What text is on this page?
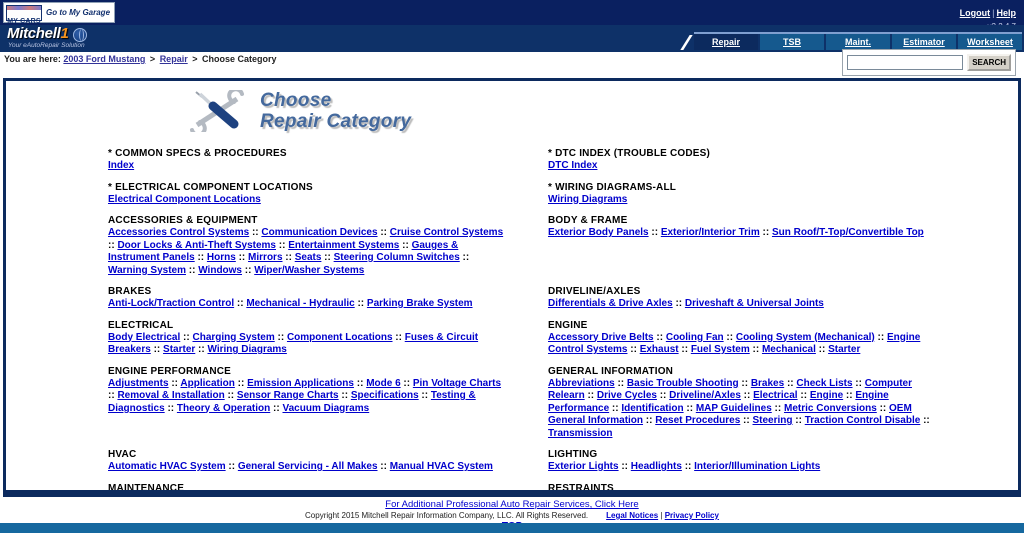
MY CARS
Go to My Garage	Logout | Help
Mitchell1
Your eAutoRepair Solution	Repair	TSB	Maint.	Estimator	Worksheet
You are here: 2003 Ford Mustang > Repair > Choose Category	SEARCH
Choose
Repair Category
* COMMON SPECS & PROCEDURES
Index

* DTC INDEX (TROUBLE CODES)
DTC Index

* ELECTRICAL COMPONENT LOCATIONS
Electrical Component Locations

* WIRING DIAGRAMS-ALL
Wiring Diagrams

ACCESSORIES & EQUIPMENT
Accessories Control Systems :: Communication Devices :: Cruise Control Systems :: Door Locks & Anti-Theft Systems :: Entertainment Systems :: Gauges & Instrument Panels :: Horns :: Mirrors :: Seats :: Steering Column Switches :: Warning System :: Windows :: Wiper/Washer Systems

BODY & FRAME
Exterior Body Panels :: Exterior/Interior Trim :: Sun Roof/T-Top/Convertible Top

BRAKES
Anti-Lock/Traction Control :: Mechanical - Hydraulic :: Parking Brake System

DRIVELINE/AXLES
Differentials & Drive Axles :: Driveshaft & Universal Joints

ELECTRICAL
Body Electrical :: Charging System :: Component Locations :: Fuses & Circuit Breakers :: Starter :: Wiring Diagrams

ENGINE
Accessory Drive Belts :: Cooling Fan :: Cooling System (Mechanical) :: Engine Control Systems :: Exhaust :: Fuel System :: Mechanical :: Starter

ENGINE PERFORMANCE
Adjustments :: Application :: Emission Applications :: Mode 6 :: Pin Voltage Charts :: Removal & Installation :: Sensor Range Charts :: Specifications :: Testing & Diagnostics :: Theory & Operation :: Vacuum Diagrams

GENERAL INFORMATION
Abbreviations :: Basic Trouble Shooting :: Brakes :: Check Lists :: Computer Relearn :: Drive Cycles :: Driveline/Axles :: Electrical :: Engine :: Engine Performance :: Identification :: MAP Guidelines :: Metric Conversions :: OEM General Information :: Reset Procedures :: Steering :: Traction Control Disable :: Transmission

HVAC
Automatic HVAC System :: General Servicing - All Makes :: Manual HVAC System

LIGHTING
Exterior Lights :: Headlights :: Interior/Illumination Lights

MAINTENANCE	RESTRAINTS

For Additional Professional Auto Repair Services, Click Here
Copyright 2015 Mitchell Repair Information Company, LLC. All Rights Reserved. Legal Notices | Privacy Policy
